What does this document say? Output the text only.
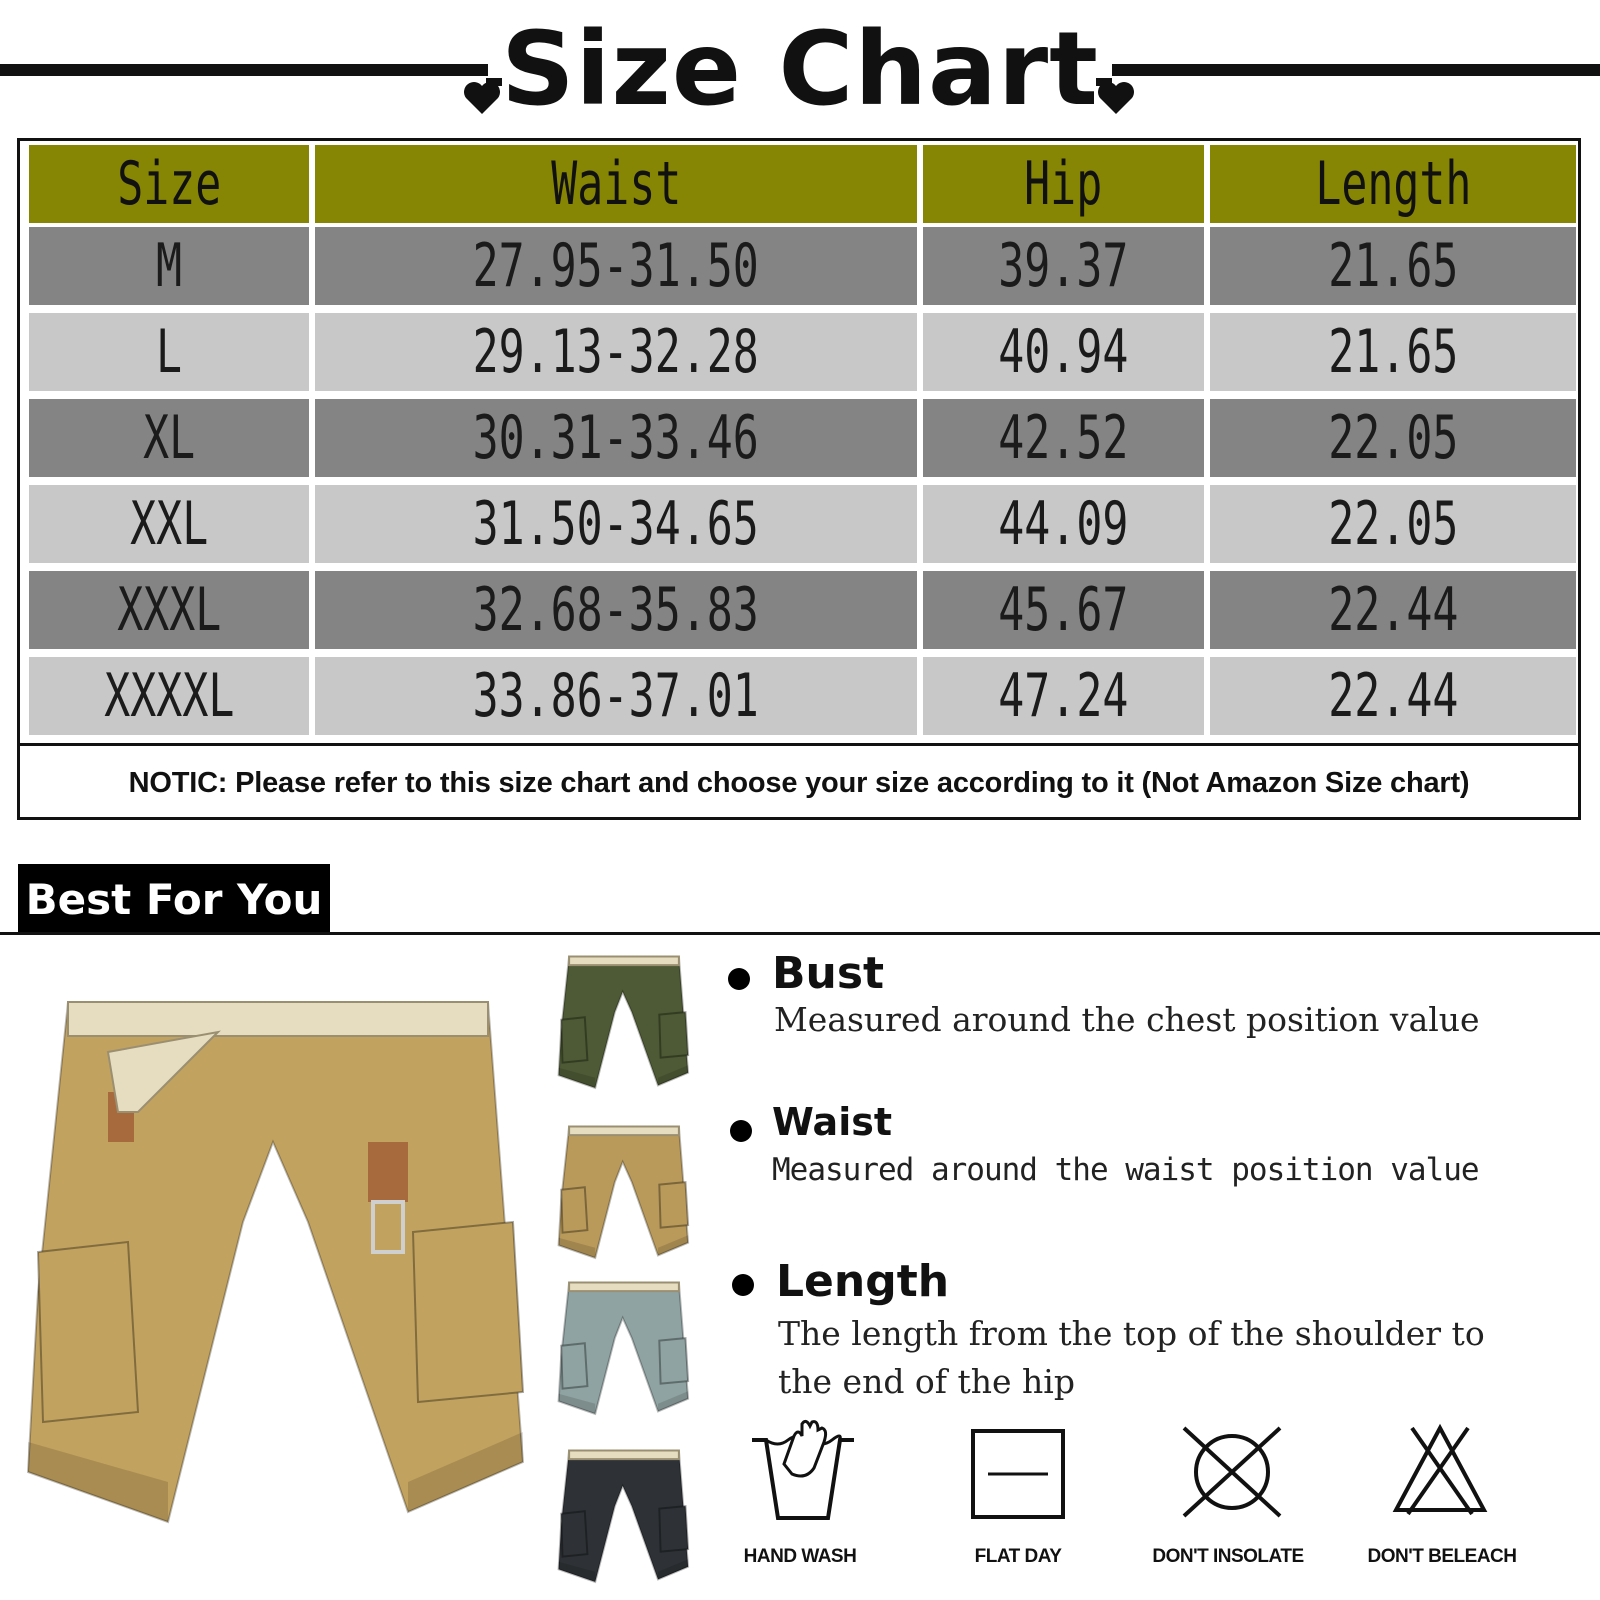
Size Chart
Size	Waist	Hip	Length
M	27.95-31.50	39.37	21.65
L	29.13-32.28	40.94	21.65
XL	30.31-33.46	42.52	22.05
XXL	31.50-34.65	44.09	22.05
XXXL	32.68-35.83	45.67	22.44
XXXXL	33.86-37.01	47.24	22.44
NOTIC: Please refer to this size chart and choose your size according to it (Not Amazon Size chart)
Best For You
Bust
Measured around the chest position value
Waist
Measured around the waist position value
Length
The length from the top of the shoulder to
the end of the hip
HAND WASH	FLAT DAY	DON'T INSOLATE	DON'T BELEACH
